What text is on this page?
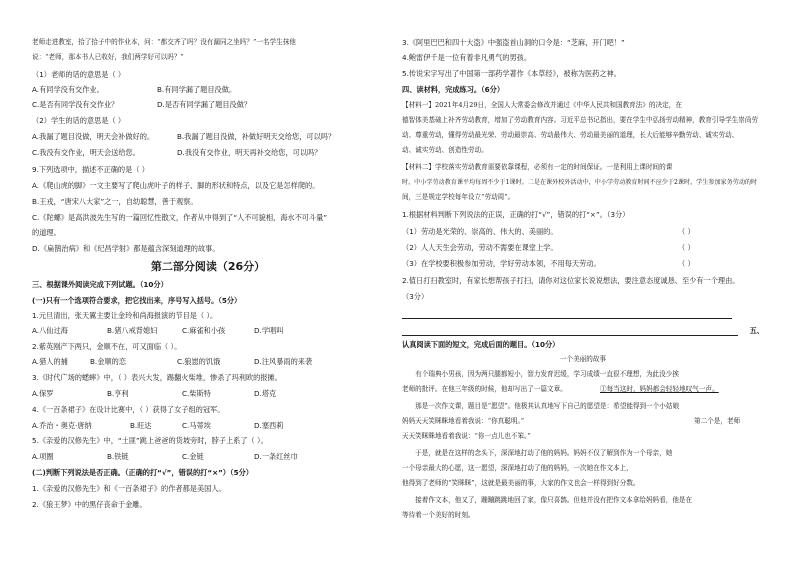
老师走进教室，拾了拾子中的作业本，问：“都交齐了吗？没有漏同之坐吗？”一名学生抹他
说：“老师，那本书人已收好，我们两学好可以吗？”
（1）老师的话的意思是（ ）
A.有同学没有交作业。	B.有同学漏了题目没做。
C.是否有同学没有交作业？	D.是否有同学漏了题目没做？
（2）学生的话的意思是（ ）
A.我漏了题目没做，明天会补做好的。	B.我漏了题目没做，补做好明天交给您，可以吗？
C.我没有交作业，明天会送给您。	D.我没有交作业，明天再补交给您，可以吗？
9.下列选项中，描述不正确的是（ ）
A.《爬山虎的脚》一文主要写了爬山虎叶子的样子、脚的形状和特点，以及它是怎样爬的。
B.王戎，“唐宋八大家”之一，自幼聪慧，善于观察。
C.《陀螺》是高洪波先生写的一篇回忆性散文，作者从中得到了“人不可貌相，海水不可斗量”
的道理。
D.《扁鹊治病》和《纪昌学射》都是蕴含深刻道理的故事。
第二部分阅读（26分）
三、根据课外阅读完成下列试题。（10分）
(一)只有一个选项符合要求，把它找出来，序号写入括号。（5分）
1.元旦清出，张天翼主要让金玲和尚海报演的节目是（ ）。
A.八仙过海	B.猪八戒背媳妇	C.麻雀和小孩	D.学唱叫
2.紫英刚产下两只，金顺不在，可又面临（ ）。
A.猎人的捕	B.金顺的恋	C.狼崽的饥饿	D.注风暴雨的来袭
3.《时代广场的蟋蟀》中，（ ）表兴大发，踢翻火柴堆，惨杀了玛利欧的报摊。
A.保罗	B.亨利	C.柴斯特	D.塔克
4.《一百条裙子》在设计比赛中，（ ）获得了女子组的冠军。
A.乔治・奥克·唐纳	B.旺达	C.马蒂埃	D.塞西莉
5.《亲爱的汉修先生》中，“土匪”跳上爸爸的货坡旁时，脖子上系了（ ）。
A.项圈	B.铁链	C.金链	D.一条红丝巾
(二)判断下列说法是否正确。（正确的打“√”，错误的打“×”）（5分）
1.《亲爱的汉修先生》和《一百条裙子》的作者都是美国人。
2.《狼王梦》中的黑仔丧命于金雕。
3.《阿里巴巴和四十大盗》中强盗首山洞的口令是：“芝麻，开门吧！”
4.鲍雷伊千是一位有着非凡勇气的男孩。
5.传说宋字写出了中国第一部药学著作《本草经》，被称为医药之神。
四、读材料，完成练习。（6分）
【材料一】2021年4月29日，全国人大常委会修改并通过《中华人民共和国教育法》的决定，在
德智体美基础上补齐劳动教育，增加了劳动教育内容。习近平总书记指出，要在学生中弘扬劳动精神，教育引导学生崇尚劳
动、尊重劳动，懂得劳动最光荣、劳动最崇高、劳动最伟大、劳动最美丽的道理，长大后能够辛勤劳动、诚实劳动、
动、诚实劳动、创造性劳动。
【材料二】学校落实劳动教育需要依靠课程，必须有一定的时间保证。一是利用上课时间的课
时，中小学劳动教育课平均每周不少于1课时。二是在课外校外活动中，中小学劳动教育时间不应少于2课时，学生参加家务劳动的时
间，三是规定学校每年设立“劳动周”。
1.根据材料判断下列说法的正误，正确的打“√”，错误的打“×”。（3分）
（1）劳动是光荣的、崇高的、伟大的、美丽的。	（ ）
（2）人人天生会劳动，劳动不需要在课堂上学。	（ ）
（3）在学校要积极参加劳动，学好劳动本领，不用每天劳动。	（ ）
2.值日打扫教室时，有家长想帮孩子打扫，请你对这位家长说说想法，要注意态度诚恳、至少有一个理由。
（3分）
五、
认真阅读下面的短文，完成后面的题目。（10分）
一个美丽的故事
　　有个瑞典小男孩，因为两只腿都短小，智力发育迟缓，学习成绩一直很不理想，为此没少挨
老师的批评。在他三年级的时候，他却写出了一篇文章。	①每当这时，妈妈都会轻轻地叹气一声。
　　那是一次作文课，题目是“愿望”。他极其认真地写下自己的愿望是：希望能得到一个小姑娘
妈妈天天笑眯眯地看着我说：“你真聪明。”	第二个是，老师
天天笑眯眯地看着我说：“你一点儿也不笨。”
　　于是，就是在这样的念头下，深深地打动了他的妈妈。妈妈不仅了解到作为一个母亲，她
一个母亲最大的心愿，这一愿望，深深地打动了他的妈妈，一次她在作文本上，
他得到了老师的“笑眯眯”，这就是最美丽的事，大家的作文也会一样得到好分数。
　　接着作文本，他又了，蹦蹦跳跳地回了家，像只喜鹊。但他并没有把作文本拿给妈妈看，他是在
等待着一个美好的时刻。
